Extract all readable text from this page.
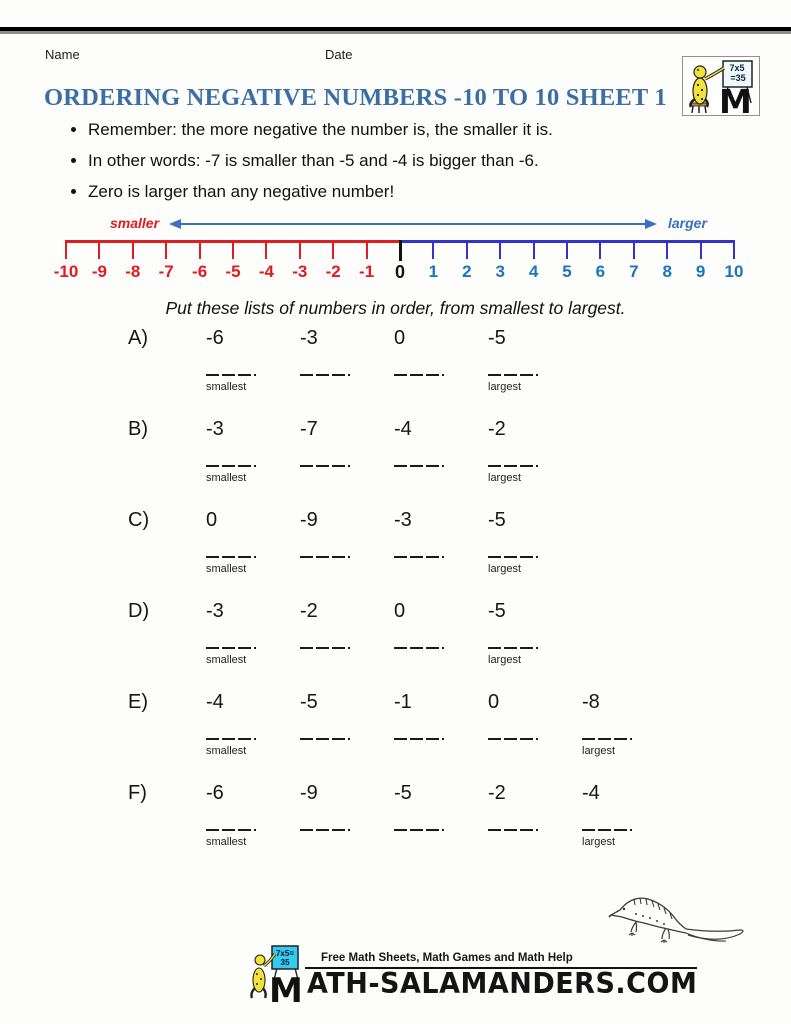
Name	Date
7x5
=35
M
ORDERING NEGATIVE NUMBERS -10 TO 10 SHEET 1
• Remember: the more negative the number is, the smaller it is.
• In other words: -7 is smaller than -5 and -4 is bigger than -6.
• Zero is larger than any negative number!
smaller	larger
-10 -9 -8 -7 -6 -5 -4 -3 -2 -1 0 1 2 3 4 5 6 7 8 9 10

Put these lists of numbers in order, from smallest to largest.

A)	-6	-3	0	-5
smallest	largest
B)	-3	-7	-4	-2
smallest	largest
C)	0	-9	-3	-5
smallest	largest
D)	-3	-2	0	-5
smallest	largest
E)	-4	-5	-1	0	-8
smallest	largest
F)	-6	-9	-5	-2	-4
smallest	largest
7x5=
35
M
Free Math Sheets, Math Games and Math Help
ATH-SALAMANDERS.COM
